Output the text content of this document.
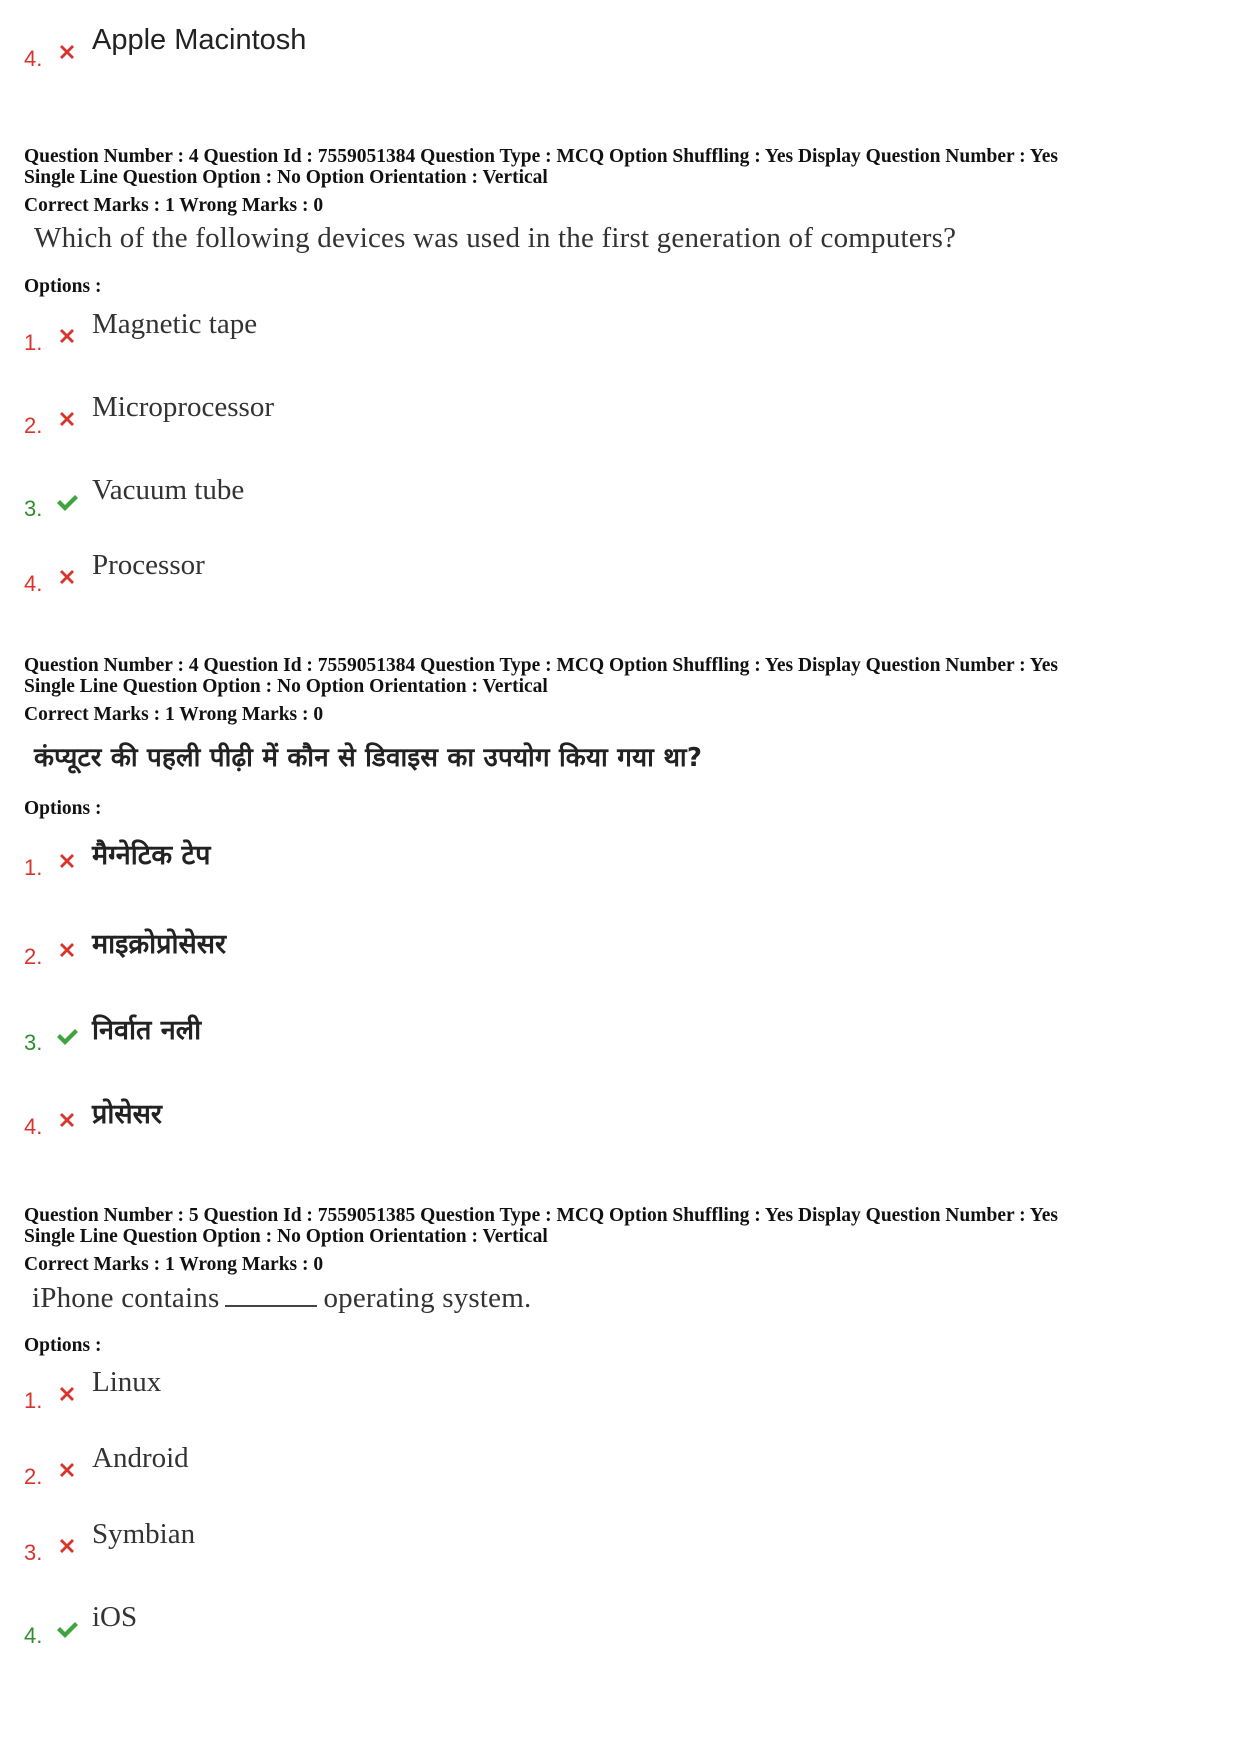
4.
Apple Macintosh
Question Number : 4 Question Id : 7559051384 Question Type : MCQ Option Shuffling : Yes Display Question Number : Yes
Single Line Question Option : No Option Orientation : Vertical
Correct Marks : 1 Wrong Marks : 0
Which of the following devices was used in the first generation of computers?
Options :
1.
Magnetic tape
2.
Microprocessor
3.
Vacuum tube
4.
Processor
Question Number : 4 Question Id : 7559051384 Question Type : MCQ Option Shuffling : Yes Display Question Number : Yes
Single Line Question Option : No Option Orientation : Vertical
Correct Marks : 1 Wrong Marks : 0
कंप्यूटर की पहली पीढ़ी में कौन से डिवाइस का उपयोग किया गया था?
Options :
1. मैग्नेटिक टेप
2. माइक्रोप्रोसेसर
3. निर्वात नली
4. प्रोसेसर
Question Number : 5 Question Id : 7559051385 Question Type : MCQ Option Shuffling : Yes Display Question Number : Yes
Single Line Question Option : No Option Orientation : Vertical
Correct Marks : 1 Wrong Marks : 0
iPhone contains	operating system.
Options :
1.
Linux
2.
Android
3.
Symbian
4.
iOS
